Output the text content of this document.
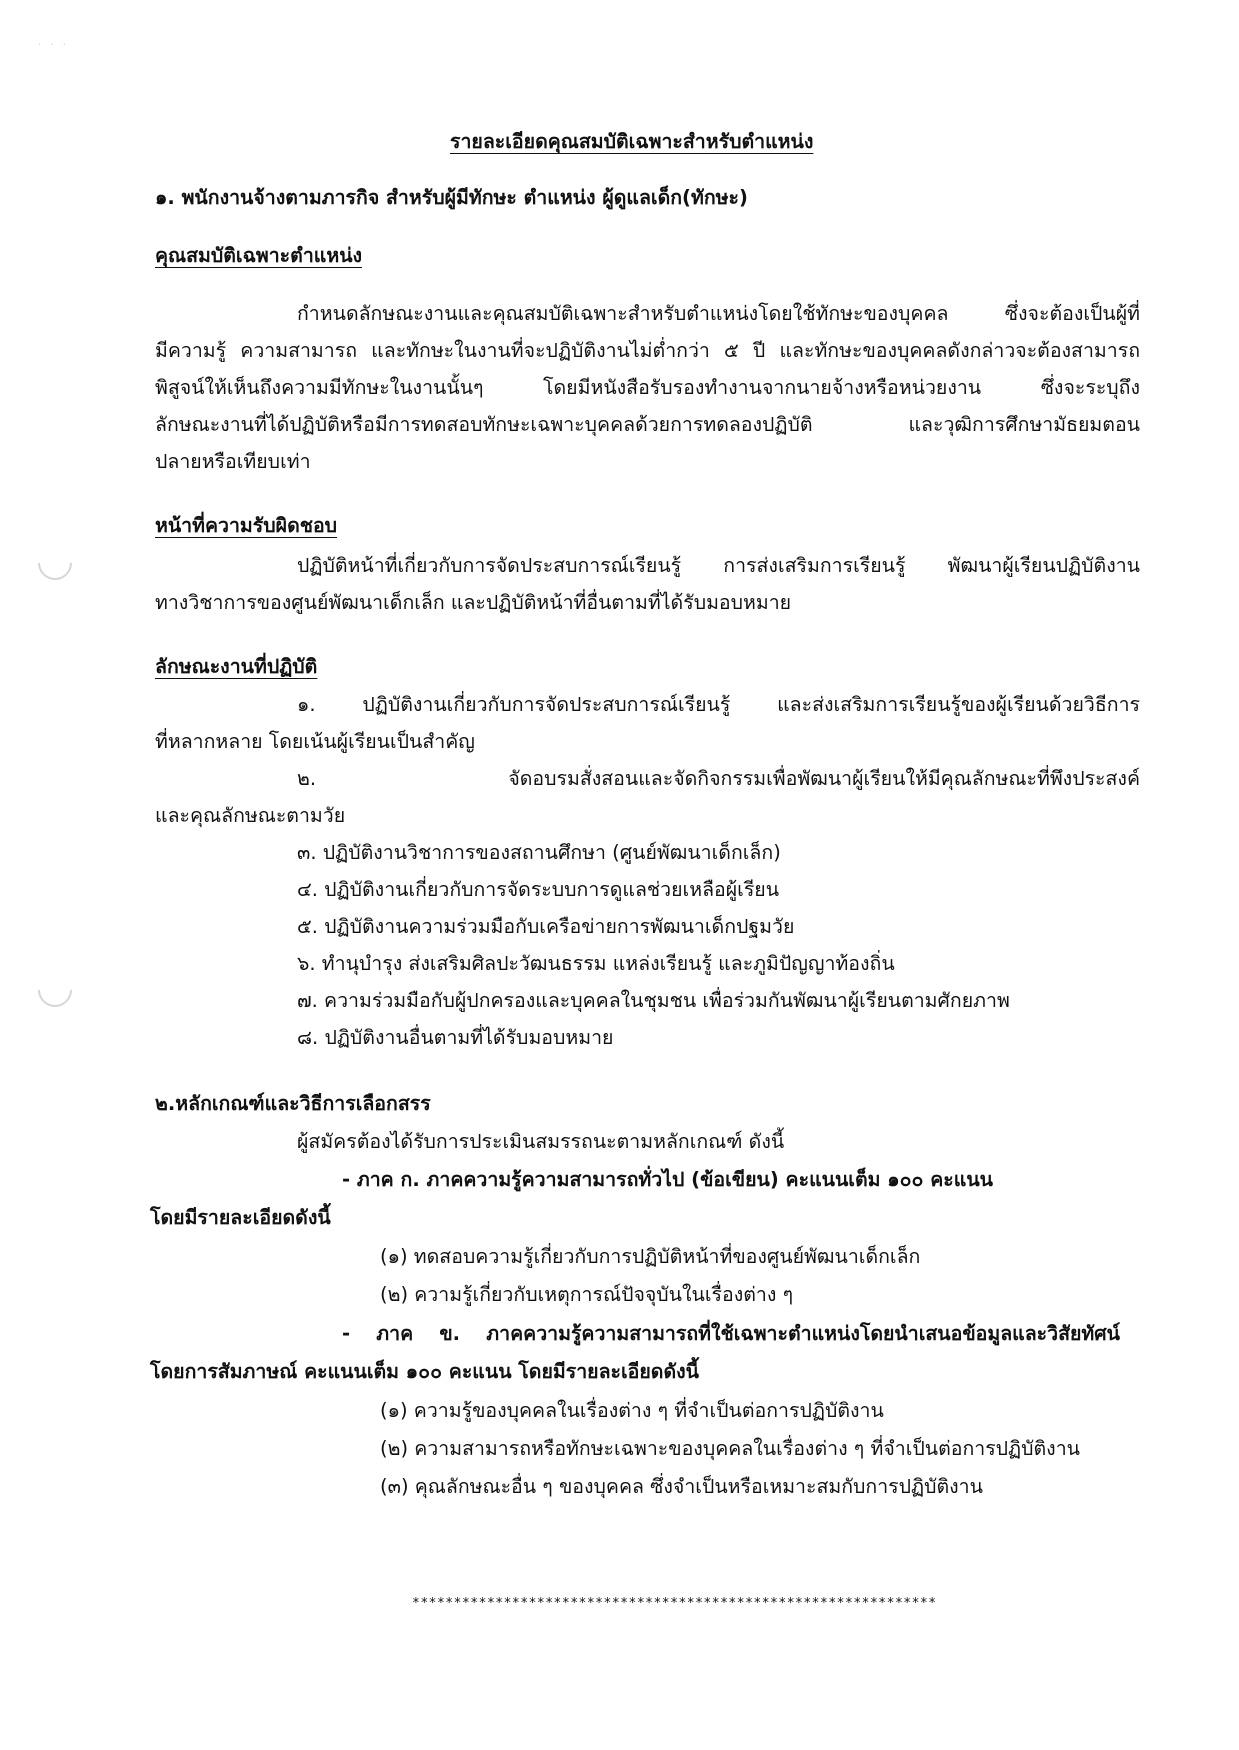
· · ·
รายละเอียดคุณสมบัติเฉพาะสำหรับตำแหน่ง
๑. พนักงานจ้างตามภารกิจ สำหรับผู้มีทักษะ ตำแหน่ง ผู้ดูแลเด็ก(ทักษะ)
คุณสมบัติเฉพาะตำแหน่ง
กำหนดลักษณะงานและคุณสมบัติเฉพาะสำหรับตำแหน่งโดยใช้ทักษะของบุคคล ซึ่งจะต้องเป็นผู้ที่
มีความรู้ ความสามารถ และทักษะในงานที่จะปฏิบัติงานไม่ต่ำกว่า ๕ ปี และทักษะของบุคคลดังกล่าวจะต้องสามารถ
พิสูจน์ให้เห็นถึงความมีทักษะในงานนั้นๆ โดยมีหนังสือรับรองทำงานจากนายจ้างหรือหน่วยงาน ซึ่งจะระบุถึง
ลักษณะงานที่ได้ปฏิบัติหรือมีการทดสอบทักษะเฉพาะบุคคลด้วยการทดลองปฏิบัติ และวุฒิการศึกษามัธยมตอน
ปลายหรือเทียบเท่า
หน้าที่ความรับผิดชอบ
ปฏิบัติหน้าที่เกี่ยวกับการจัดประสบการณ์เรียนรู้ การส่งเสริมการเรียนรู้ พัฒนาผู้เรียนปฏิบัติงาน
ทางวิชาการของศูนย์พัฒนาเด็กเล็ก และปฏิบัติหน้าที่อื่นตามที่ได้รับมอบหมาย
ลักษณะงานที่ปฏิบัติ
๑. ปฏิบัติงานเกี่ยวกับการจัดประสบการณ์เรียนรู้ และส่งเสริมการเรียนรู้ของผู้เรียนด้วยวิธีการ
ที่หลากหลาย โดยเน้นผู้เรียนเป็นสำคัญ
๒. จัดอบรมสั่งสอนและจัดกิจกรรมเพื่อพัฒนาผู้เรียนให้มีคุณลักษณะที่พึงประสงค์
และคุณลักษณะตามวัย
๓. ปฏิบัติงานวิชาการของสถานศึกษา (ศูนย์พัฒนาเด็กเล็ก)
๔. ปฏิบัติงานเกี่ยวกับการจัดระบบการดูแลช่วยเหลือผู้เรียน
๕. ปฏิบัติงานความร่วมมือกับเครือข่ายการพัฒนาเด็กปฐมวัย
๖. ทำนุบำรุง ส่งเสริมศิลปะวัฒนธรรม แหล่งเรียนรู้ และภูมิปัญญาท้องถิ่น
๗. ความร่วมมือกับผู้ปกครองและบุคคลในชุมชน เพื่อร่วมกันพัฒนาผู้เรียนตามศักยภาพ
๘. ปฏิบัติงานอื่นตามที่ได้รับมอบหมาย
๒.หลักเกณฑ์และวิธีการเลือกสรร
ผู้สมัครต้องได้รับการประเมินสมรรถนะตามหลักเกณฑ์ ดังนี้
- ภาค ก. ภาคความรู้ความสามารถทั่วไป (ข้อเขียน) คะแนนเต็ม ๑๐๐ คะแนน
โดยมีรายละเอียดดังนี้
(๑) ทดสอบความรู้เกี่ยวกับการปฏิบัติหน้าที่ของศูนย์พัฒนาเด็กเล็ก
(๒) ความรู้เกี่ยวกับเหตุการณ์ปัจจุบันในเรื่องต่าง ๆ
- ภาค ข. ภาคความรู้ความสามารถที่ใช้เฉพาะตำแหน่งโดยนำเสนอข้อมูลและวิสัยทัศน์
โดยการสัมภาษณ์ คะแนนเต็ม ๑๐๐ คะแนน โดยมีรายละเอียดดังนี้
(๑) ความรู้ของบุคคลในเรื่องต่าง ๆ ที่จำเป็นต่อการปฏิบัติงาน
(๒) ความสามารถหรือทักษะเฉพาะของบุคคลในเรื่องต่าง ๆ ที่จำเป็นต่อการปฏิบัติงาน
(๓) คุณลักษณะอื่น ๆ ของบุคคล ซึ่งจำเป็นหรือเหมาะสมกับการปฏิบัติงาน
***************************************************************
